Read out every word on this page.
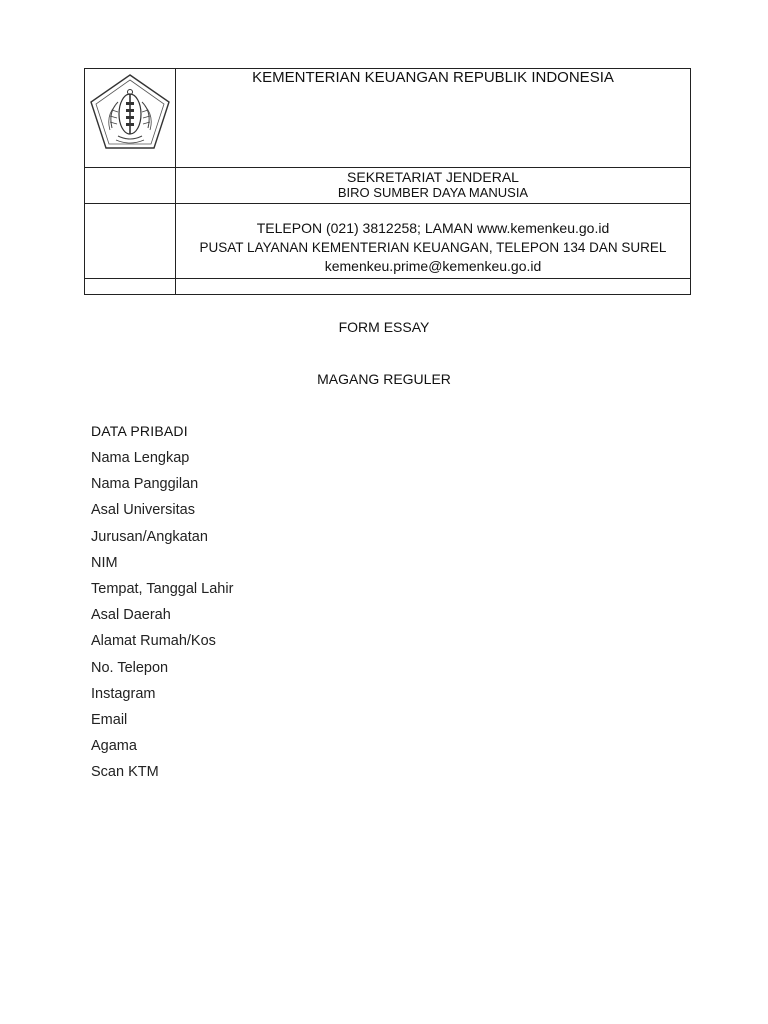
KEMENTERIAN KEUANGAN REPUBLIK INDONESIA

	SEKRETARIAT JENDERAL
BIRO SUMBER DAYA MANUSIA

	TELEPON (021) 3812258; LAMAN www.kemenkeu.go.id
PUSAT LAYANAN KEMENTERIAN KEUANGAN, TELEPON 134 DAN SUREL
kemenkeu.prime@kemenkeu.go.id

FORM ESSAY
MAGANG REGULER
DATA PRIBADI
Nama Lengkap
Nama Panggilan
Asal Universitas
Jurusan/Angkatan
NIM
Tempat, Tanggal Lahir
Asal Daerah
Alamat Rumah/Kos
No. Telepon
Instagram
Email
Agama
Scan KTM
